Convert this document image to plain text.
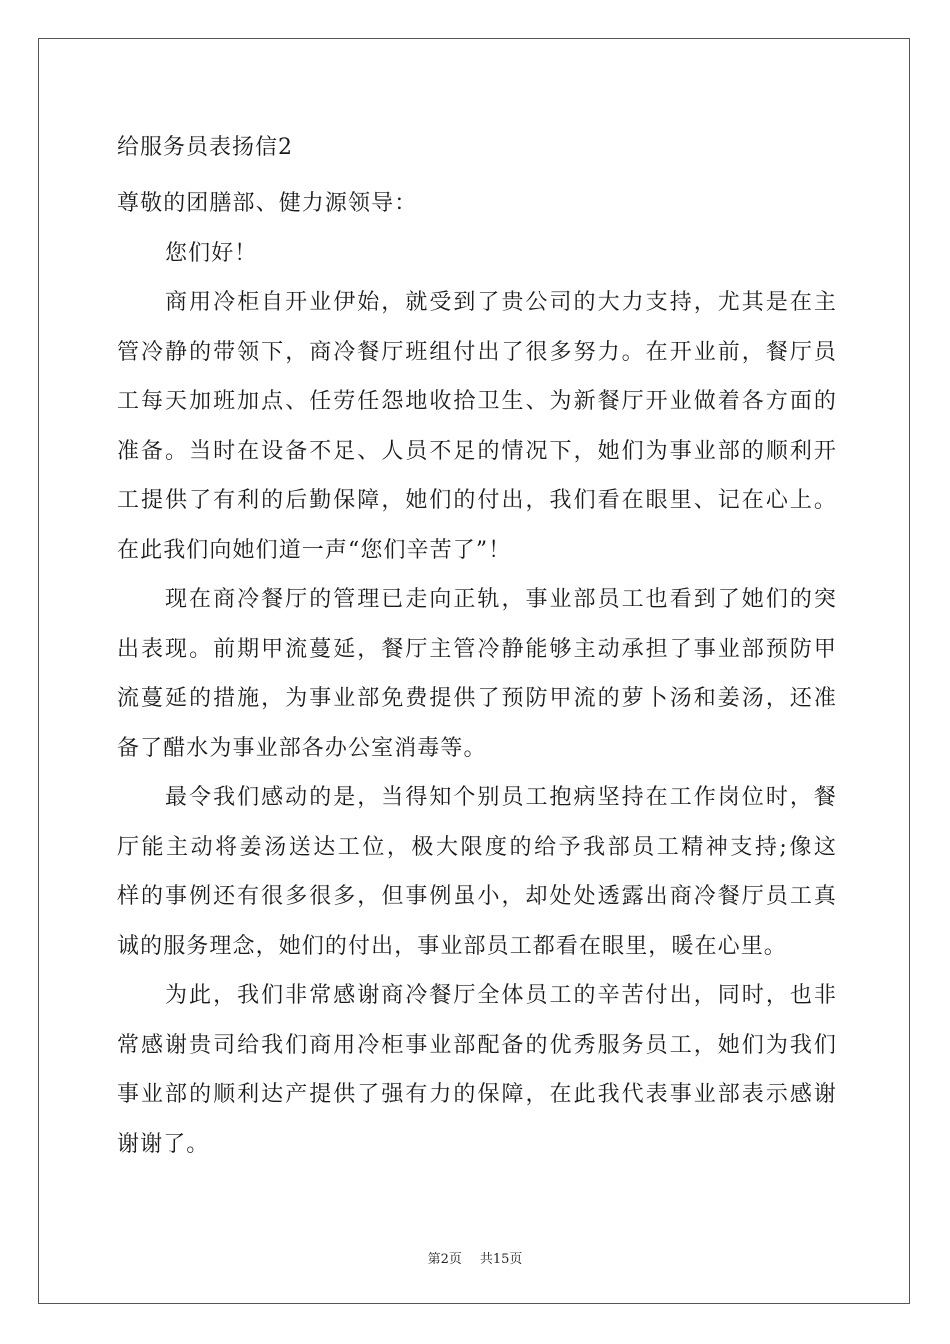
给服务员表扬信2
尊敬的团膳部、健力源领导：
您们好！
商用冷柜自开业伊始，就受到了贵公司的大力支持，尤其是在主
管冷静的带领下，商冷餐厅班组付出了很多努力。在开业前，餐厅员
工每天加班加点、任劳任怨地收拾卫生、为新餐厅开业做着各方面的
准备。当时在设备不足、人员不足的情况下，她们为事业部的顺利开
工提供了有利的后勤保障，她们的付出，我们看在眼里、记在心上。
在此我们向她们道一声“您们辛苦了”！
现在商冷餐厅的管理已走向正轨，事业部员工也看到了她们的突
出表现。前期甲流蔓延，餐厅主管冷静能够主动承担了事业部预防甲
流蔓延的措施，为事业部免费提供了预防甲流的萝卜汤和姜汤，还准
备了醋水为事业部各办公室消毒等。
最令我们感动的是，当得知个别员工抱病坚持在工作岗位时，餐
厅能主动将姜汤送达工位，极大限度的给予我部员工精神支持;像这
样的事例还有很多很多，但事例虽小，却处处透露出商冷餐厅员工真
诚的服务理念，她们的付出，事业部员工都看在眼里，暖在心里。
为此，我们非常感谢商冷餐厅全体员工的辛苦付出，同时，也非
常感谢贵司给我们商用冷柜事业部配备的优秀服务员工，她们为我们
事业部的顺利达产提供了强有力的保障，在此我代表事业部表示感谢
谢谢了。
第2页 共15页
